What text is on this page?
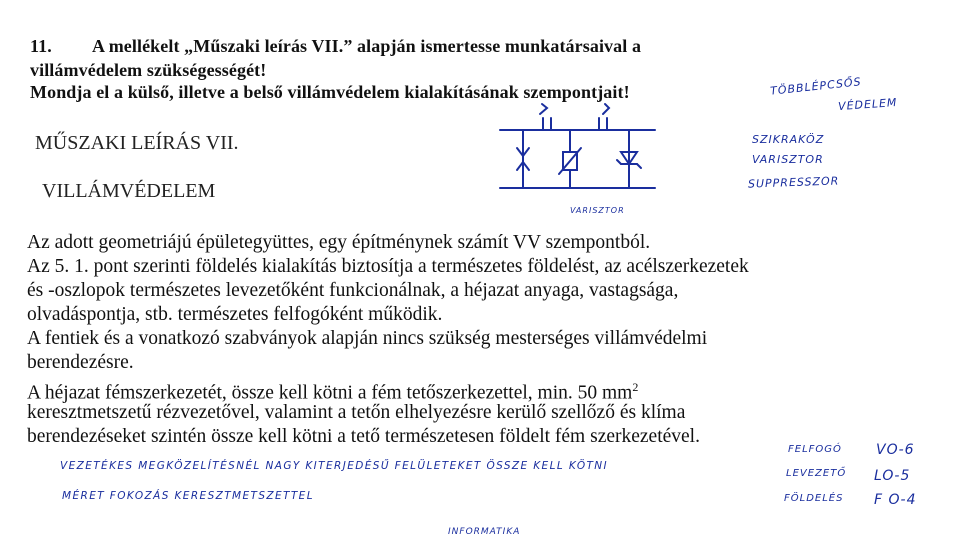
11. A mellékelt „Műszaki leírás VII.” alapján ismertesse munkatársaival a
villámvédelem szükségességét!
Mondja el a külső, illetve a belső villámvédelem kialakításának szempontjait!
MŰSZAKI LEÍRÁS VII.
VILLÁMVÉDELEM
Az adott geometriájú épületegyüttes, egy építménynek számít VV szempontból.
Az 5. 1. pont szerinti földelés kialakítás biztosítja a természetes földelést, az acélszerkezetek
és -oszlopok természetes levezetőként funkcionálnak, a héjazat anyaga, vastagsága,
olvadáspontja, stb. természetes felfogóként működik.
A fentiek és a vonatkozó szabványok alapján nincs szükség mesterséges villámvédelmi
berendezésre.
A héjazat fémszerkezetét, össze kell kötni a fém tetőszerkezettel, min. 50 $mm^2$
keresztmetszetű rézvezetővel, valamint a tetőn elhelyezésre kerülő szellőző és klíma
berendezéseket szintén össze kell kötni a tető természetesen földelt fém szerkezetével.
TÖBBLÉPCSŐS
VÉDELEM
SZIKRAKÖZ
VARISZTOR
SUPPRESSZOR
VARISZTOR
VEZETÉKES MEGKÖZELÍTÉSNÉL NAGY KITERJEDÉSŰ FELÜLETEKET ÖSSZE KELL KÖTNI
MÉRET FOKOZÁS KERESZTMETSZETTEL
INFORMATIKA
FELFOGÓ VO-6
LEVEZETŐ LO-5
FÖLDELÉS F O-4
